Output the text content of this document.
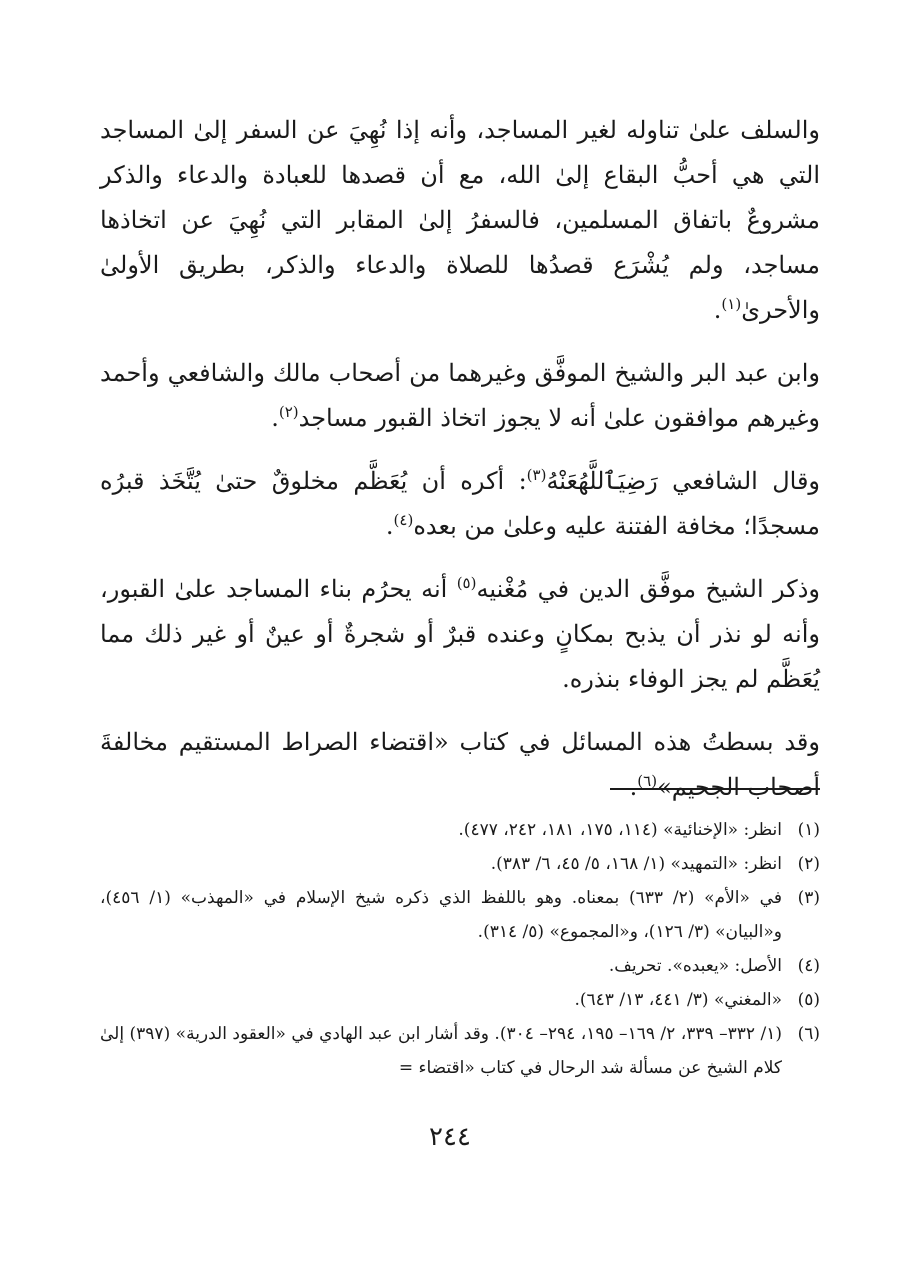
والسلف علىٰ تناوله لغير المساجد، وأنه إذا نُهِيَ عن السفر إلىٰ المساجد التي هي أحبُّ البقاع إلىٰ الله، مع أن قصدها للعبادة والدعاء والذكر مشروعٌ باتفاق المسلمين، فالسفرُ إلىٰ المقابر التي نُهِيَ عن اتخاذها مساجد، ولم يُشْرَع قصدُها للصلاة والدعاء والذكر، بطريق الأولىٰ والأحرىٰ$^{(١)}$.

وابن عبد البر والشيخ الموفَّق وغيرهما من أصحاب مالك والشافعي وأحمد وغيرهم موافقون علىٰ أنه لا يجوز اتخاذ القبور مساجد$^{(٢)}$.

وقال الشافعي رَضِيَٱللَّهُعَنْهُ$^{(٣)}$: أكره أن يُعَظَّم مخلوقٌ حتىٰ يُتَّخَذ قبرُه مسجدًا؛ مخافة الفتنة عليه وعلىٰ من بعده$^{(٤)}$.

وذكر الشيخ موفَّق الدين في مُغْنيه$^{(٥)}$ أنه يحرُم بناء المساجد علىٰ القبور، وأنه لو نذر أن يذبح بمكانٍ وعنده قبرٌ أو شجرةٌ أو عينٌ أو غير ذلك مما يُعَظَّم لم يجز الوفاء بنذره.

وقد بسطتُ هذه المسائل في كتاب «اقتضاء الصراط المستقيم مخالفةَ أصحاب الجحيم»$^{(٦)}$.

(١)
انظر: «الإخنائية» (١١٤، ١٧٥، ١٨١، ٢٤٢، ٤٧٧).
(٢)
انظر: «التمهيد» (١/ ١٦٨، ٥/ ٤٥، ٦/ ٣٨٣).
(٣)
في «الأم» (٢/ ٦٣٣) بمعناه. وهو باللفظ الذي ذكره شيخ الإسلام في «المهذب» (١/ ٤٥٦)، و«البيان» (٣/ ١٢٦)، و«المجموع» (٥/ ٣١٤).
(٤)
الأصل: «يعبده». تحريف.
(٥)
«المغني» (٣/ ٤٤١، ١٣/ ٦٤٣).
(٦)
(١/ ٣٣٢– ٣٣٩، ٢/ ١٦٩– ١٩٥، ٢٩٤– ٣٠٤). وقد أشار ابن عبد الهادي في «العقود الدرية» (٣٩٧) إلىٰ كلام الشيخ عن مسألة شد الرحال في كتاب «اقتضاء =
٢٤٤
